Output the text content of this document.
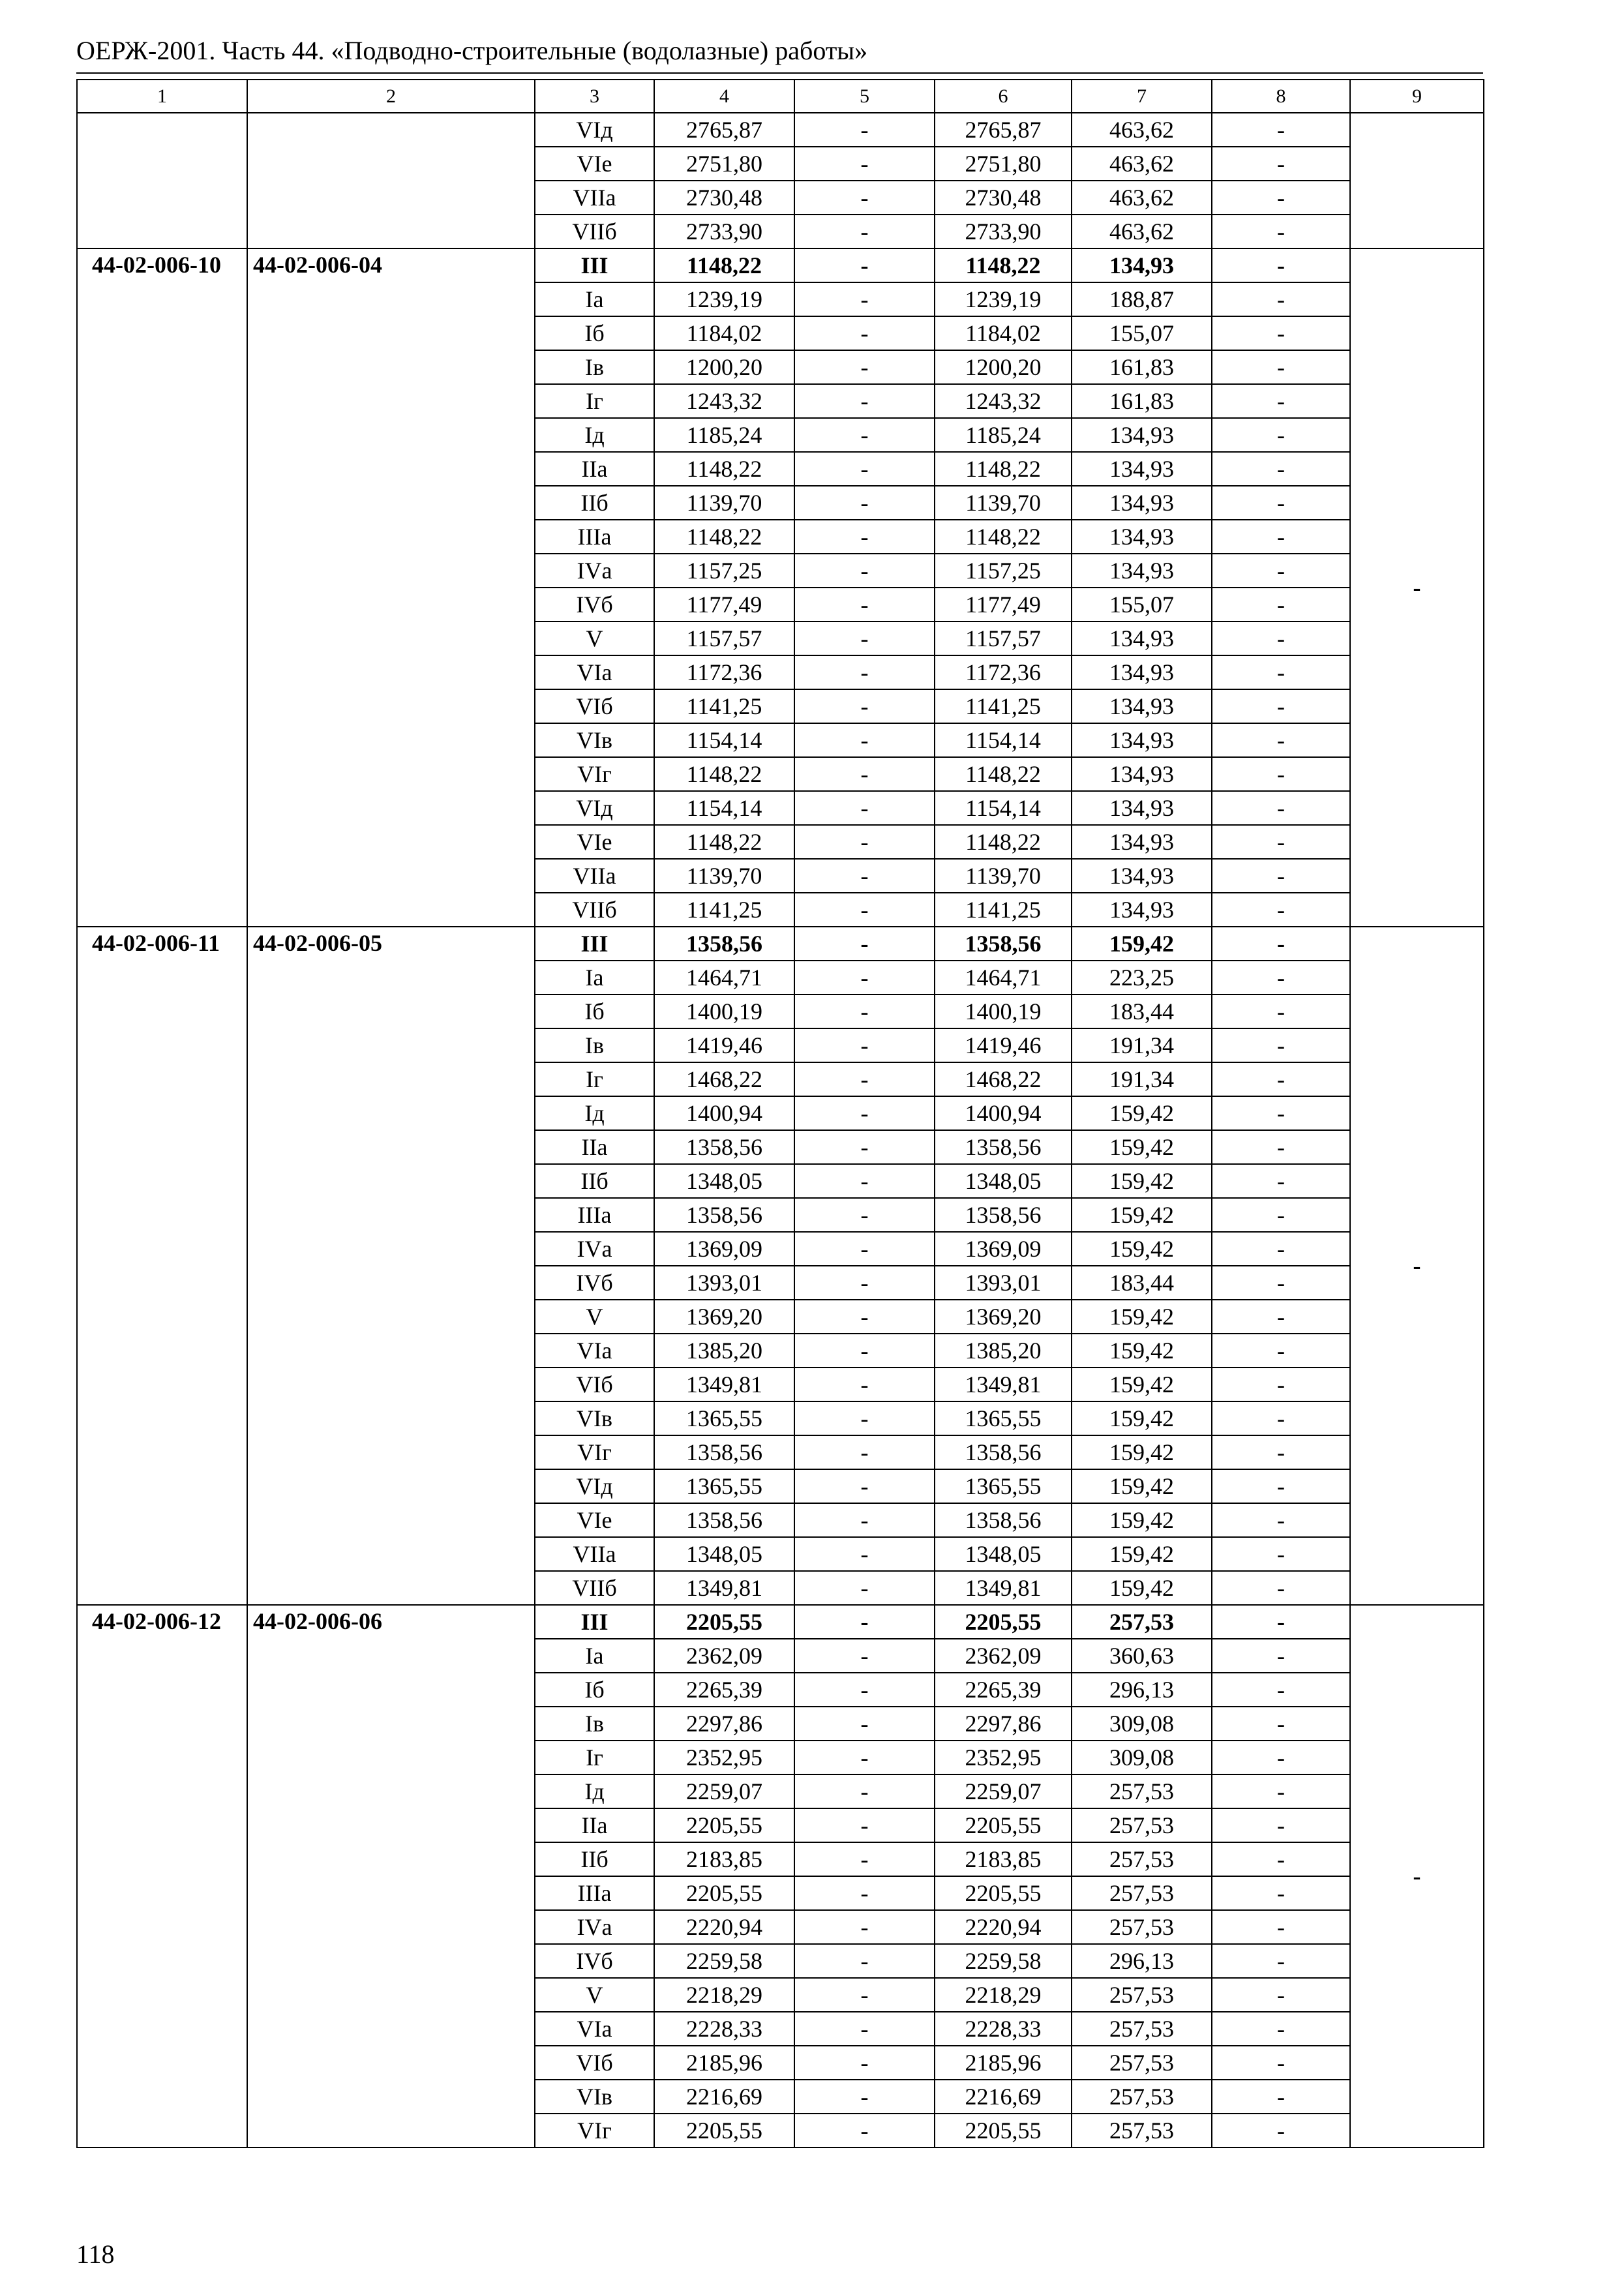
ОЕРЖ-2001. Часть 44. «Подводно-строительные (водолазные) работы»
1	2	3	4	5	6	7	8	9
		VIд	2765,87	-	2765,87	463,62	-	
		VIе	2751,80	-	2751,80	463,62	-	
		VIIа	2730,48	-	2730,48	463,62	-	
		VIIб	2733,90	-	2733,90	463,62	-	
44-02-006-10	44-02-006-04	III	1148,22	-	1148,22	134,93	-	-
		Iа	1239,19	-	1239,19	188,87	-	
		Iб	1184,02	-	1184,02	155,07	-	
		Iв	1200,20	-	1200,20	161,83	-	
		Iг	1243,32	-	1243,32	161,83	-	
		Iд	1185,24	-	1185,24	134,93	-	
		IIа	1148,22	-	1148,22	134,93	-	
		IIб	1139,70	-	1139,70	134,93	-	
		IIIа	1148,22	-	1148,22	134,93	-	
		IVа	1157,25	-	1157,25	134,93	-	
		IVб	1177,49	-	1177,49	155,07	-	
		V	1157,57	-	1157,57	134,93	-	
		VIа	1172,36	-	1172,36	134,93	-	
		VIб	1141,25	-	1141,25	134,93	-	
		VIв	1154,14	-	1154,14	134,93	-	
		VIг	1148,22	-	1148,22	134,93	-	
		VIд	1154,14	-	1154,14	134,93	-	
		VIе	1148,22	-	1148,22	134,93	-	
		VIIа	1139,70	-	1139,70	134,93	-	
		VIIб	1141,25	-	1141,25	134,93	-	
44-02-006-11	44-02-006-05	III	1358,56	-	1358,56	159,42	-	-
		Iа	1464,71	-	1464,71	223,25	-	
		Iб	1400,19	-	1400,19	183,44	-	
		Iв	1419,46	-	1419,46	191,34	-	
		Iг	1468,22	-	1468,22	191,34	-	
		Iд	1400,94	-	1400,94	159,42	-	
		IIа	1358,56	-	1358,56	159,42	-	
		IIб	1348,05	-	1348,05	159,42	-	
		IIIа	1358,56	-	1358,56	159,42	-	
		IVа	1369,09	-	1369,09	159,42	-	
		IVб	1393,01	-	1393,01	183,44	-	
		V	1369,20	-	1369,20	159,42	-	
		VIа	1385,20	-	1385,20	159,42	-	
		VIб	1349,81	-	1349,81	159,42	-	
		VIв	1365,55	-	1365,55	159,42	-	
		VIг	1358,56	-	1358,56	159,42	-	
		VIд	1365,55	-	1365,55	159,42	-	
		VIе	1358,56	-	1358,56	159,42	-	
		VIIа	1348,05	-	1348,05	159,42	-	
		VIIб	1349,81	-	1349,81	159,42	-	
44-02-006-12	44-02-006-06	III	2205,55	-	2205,55	257,53	-	-
		Iа	2362,09	-	2362,09	360,63	-	
		Iб	2265,39	-	2265,39	296,13	-	
		Iв	2297,86	-	2297,86	309,08	-	
		Iг	2352,95	-	2352,95	309,08	-	
		Iд	2259,07	-	2259,07	257,53	-	
		IIа	2205,55	-	2205,55	257,53	-	
		IIб	2183,85	-	2183,85	257,53	-	
		IIIа	2205,55	-	2205,55	257,53	-	
		IVа	2220,94	-	2220,94	257,53	-	
		IVб	2259,58	-	2259,58	296,13	-	
		V	2218,29	-	2218,29	257,53	-	
		VIа	2228,33	-	2228,33	257,53	-	
		VIб	2185,96	-	2185,96	257,53	-	
		VIв	2216,69	-	2216,69	257,53	-	
		VIг	2205,55	-	2205,55	257,53	-	
118
